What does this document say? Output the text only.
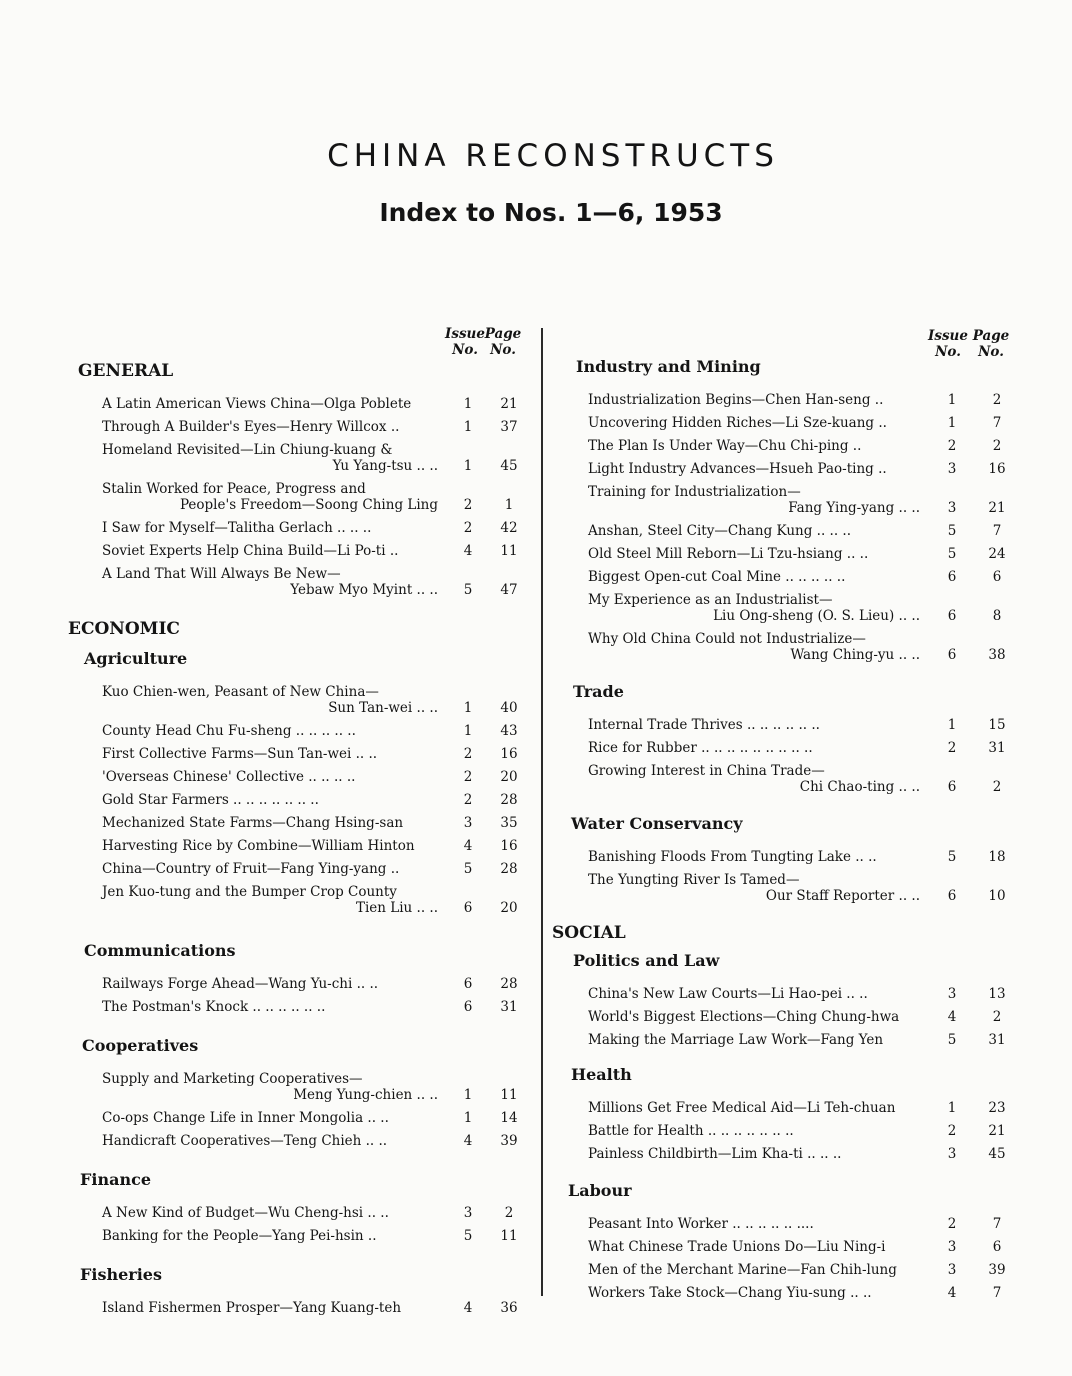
CHINA RECONSTRUCTS
Index to Nos. 1—6, 1953
Issue Page
No. No.
GENERAL
A Latin American Views China—Olga Poblete	1	21
Through A Builder's Eyes—Henry Willcox ..	1	37
Homeland Revisited—Lin Chiung-kuang &
Yu Yang-tsu .. ..	1	45
Stalin Worked for Peace, Progress and
People's Freedom—Soong Ching Ling	2	1
I Saw for Myself—Talitha Gerlach .. .. ..	2	42
Soviet Experts Help China Build—Li Po-ti ..	4	11
A Land That Will Always Be New—
Yebaw Myo Myint .. ..	5	47
ECONOMIC
Agriculture
Kuo Chien-wen, Peasant of New China—
Sun Tan-wei .. ..	1	40
County Head Chu Fu-sheng .. .. .. .. ..	1	43
First Collective Farms—Sun Tan-wei .. ..	2	16
'Overseas Chinese' Collective .. .. .. ..	2	20
Gold Star Farmers .. .. .. .. .. .. ..	2	28
Mechanized State Farms—Chang Hsing-san	3	35
Harvesting Rice by Combine—William Hinton	4	16
China—Country of Fruit—Fang Ying-yang ..	5	28
Jen Kuo-tung and the Bumper Crop County
Tien Liu .. ..	6	20
Communications
Railways Forge Ahead—Wang Yu-chi .. ..	6	28
The Postman's Knock .. .. .. .. .. ..	6	31
Cooperatives
Supply and Marketing Cooperatives—
Meng Yung-chien .. ..	1	11
Co-ops Change Life in Inner Mongolia .. ..	1	14
Handicraft Cooperatives—Teng Chieh .. ..	4	39
Finance
A New Kind of Budget—Wu Cheng-hsi .. ..	3	2
Banking for the People—Yang Pei-hsin ..	5	11
Fisheries
Island Fishermen Prosper—Yang Kuang-teh	4	36
Issue Page
No.	No.
Industry and Mining
Industrialization Begins—Chen Han-seng ..	1	2
Uncovering Hidden Riches—Li Sze-kuang ..	1	7
The Plan Is Under Way—Chu Chi-ping ..	2	2
Light Industry Advances—Hsueh Pao-ting ..	3	16
Training for Industrialization—
Fang Ying-yang .. ..	3	21
Anshan, Steel City—Chang Kung .. .. ..	5	7
Old Steel Mill Reborn—Li Tzu-hsiang .. ..	5	24
Biggest Open-cut Coal Mine .. .. .. .. ..	6	6
My Experience as an Industrialist—
Liu Ong-sheng (O. S. Lieu) .. ..	6	8
Why Old China Could not Industrialize—
Wang Ching-yu .. ..	6	38
Trade
Internal Trade Thrives .. .. .. .. .. ..	1	15
Rice for Rubber .. .. .. .. .. .. .. .. ..	2	31
Growing Interest in China Trade—
Chi Chao-ting .. ..	6	2
Water Conservancy
Banishing Floods From Tungting Lake .. ..	5	18
The Yungting River Is Tamed—
Our Staff Reporter .. ..	6	10
SOCIAL
Politics and Law
China's New Law Courts—Li Hao-pei .. ..	3	13
World's Biggest Elections—Ching Chung-hwa	4	2
Making the Marriage Law Work—Fang Yen	5	31
Health
Millions Get Free Medical Aid—Li Teh-chuan	1	23
Battle for Health .. .. .. .. .. .. ..	2	21
Painless Childbirth—Lim Kha-ti .. .. ..	3	45
Labour
Peasant Into Worker .. .. .. .. .. ....	2	7
What Chinese Trade Unions Do—Liu Ning-i	3	6
Men of the Merchant Marine—Fan Chih-lung	3	39
Workers Take Stock—Chang Yiu-sung .. ..	4	7
